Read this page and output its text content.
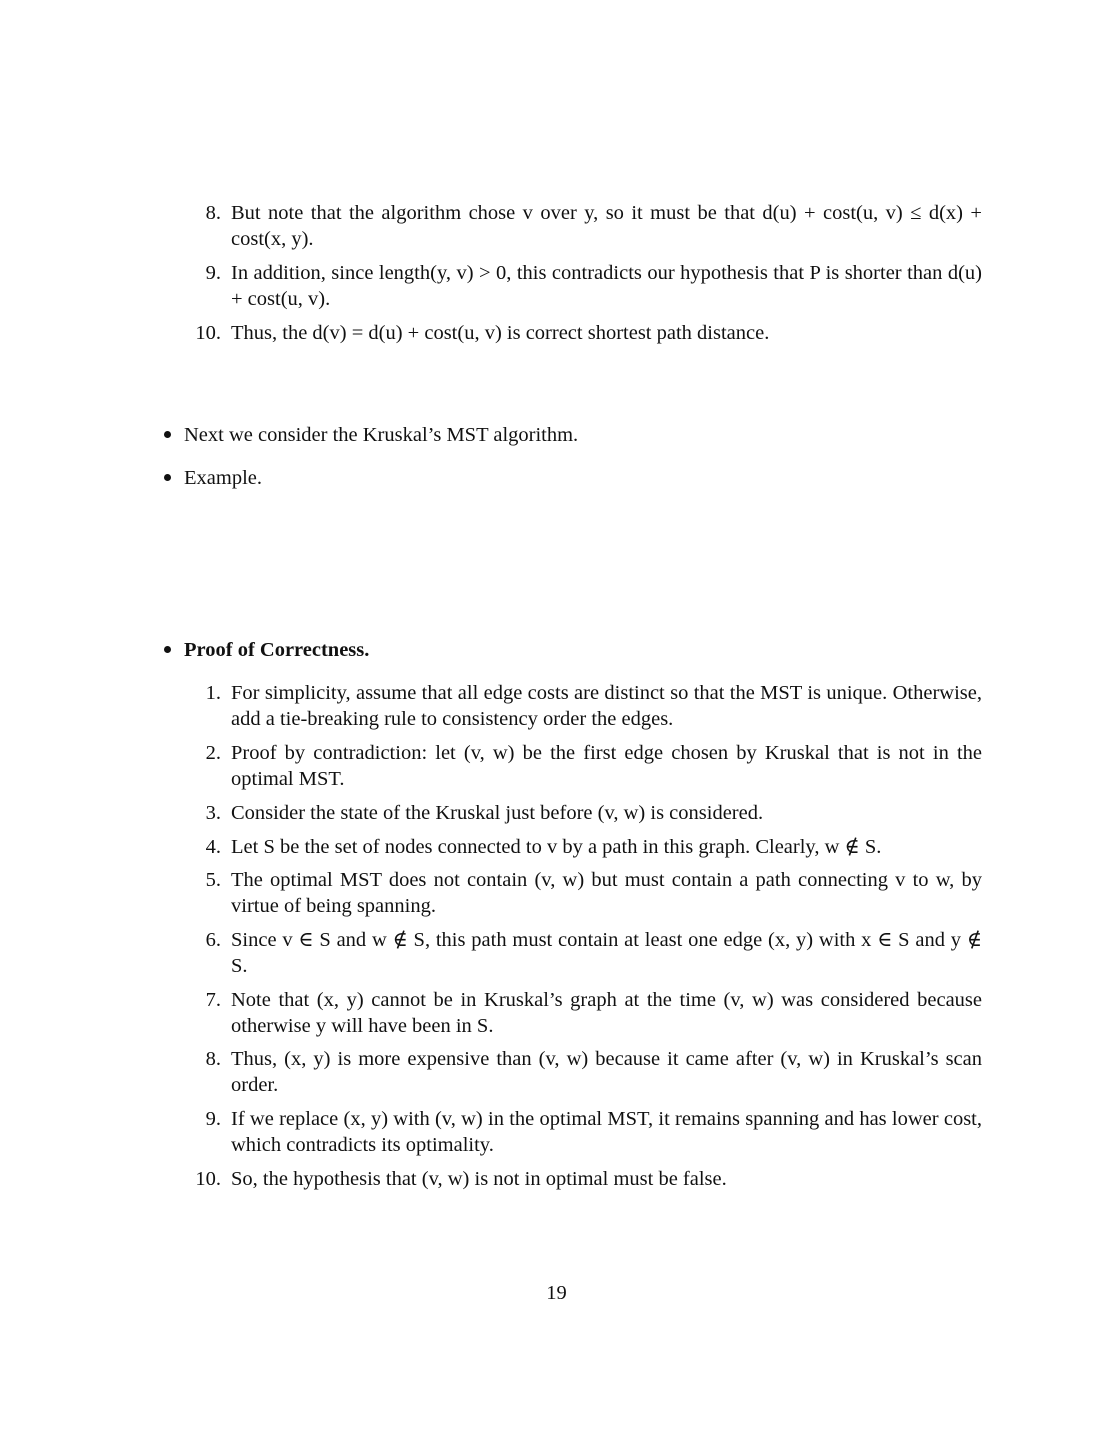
8. But note that the algorithm chose v over y, so it must be that d(u) + cost(u, v) ≤ d(x) + cost(x, y).
9. In addition, since length(y, v) > 0, this contradicts our hypothesis that P is shorter than d(u) + cost(u, v).
10. Thus, the d(v) = d(u) + cost(u, v) is correct shortest path distance.
Next we consider the Kruskal’s MST algorithm.
Example.
Proof of Correctness.
1. For simplicity, assume that all edge costs are distinct so that the MST is unique. Otherwise, add a tie-breaking rule to consistency order the edges.
2. Proof by contradiction: let (v, w) be the first edge chosen by Kruskal that is not in the optimal MST.
3. Consider the state of the Kruskal just before (v, w) is considered.
4. Let S be the set of nodes connected to v by a path in this graph. Clearly, w ∉ S.
5. The optimal MST does not contain (v, w) but must contain a path connecting v to w, by virtue of being spanning.
6. Since v ∈ S and w ∉ S, this path must contain at least one edge (x, y) with x ∈ S and y ∉ S.
7. Note that (x, y) cannot be in Kruskal’s graph at the time (v, w) was considered because otherwise y will have been in S.
8. Thus, (x, y) is more expensive than (v, w) because it came after (v, w) in Kruskal’s scan order.
9. If we replace (x, y) with (v, w) in the optimal MST, it remains spanning and has lower cost, which contradicts its optimality.
10. So, the hypothesis that (v, w) is not in optimal must be false.
19
